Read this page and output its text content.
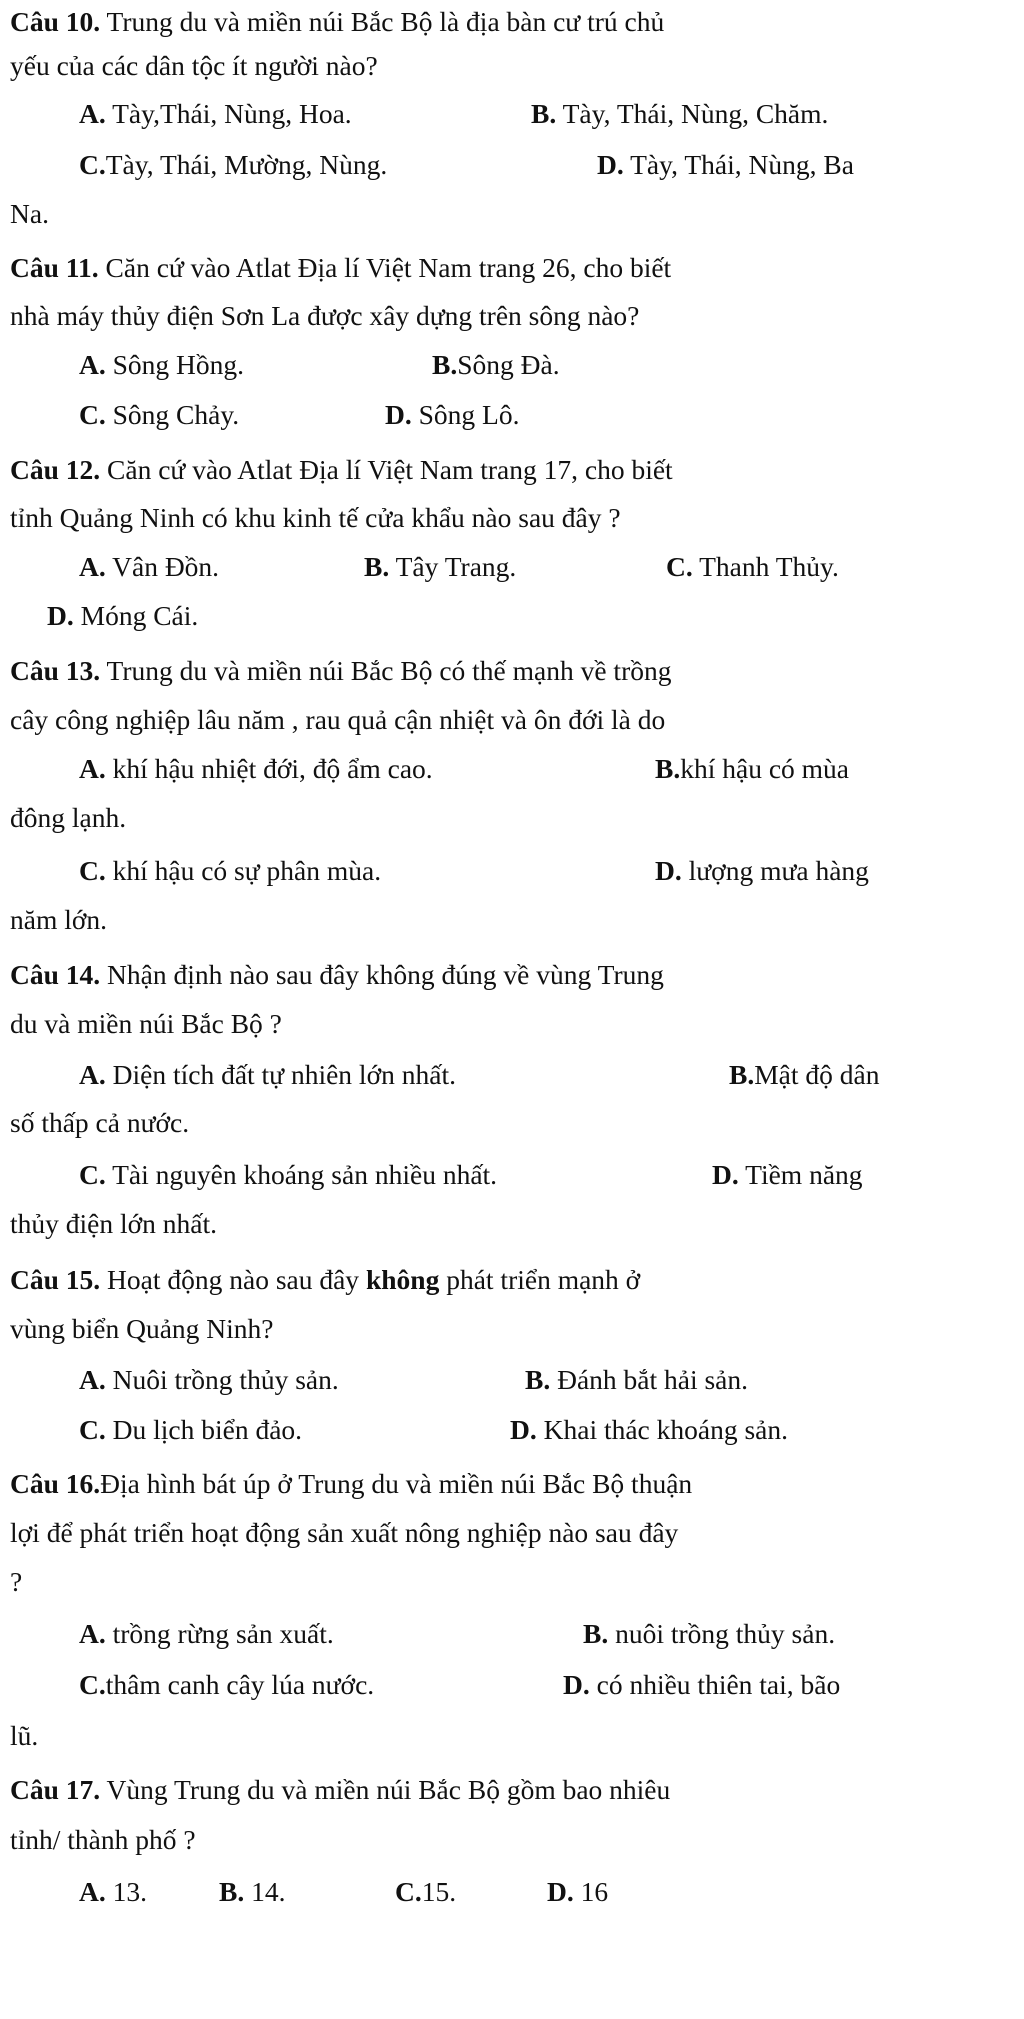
Câu 10. Trung du và miền núi Bắc Bộ là địa bàn cư trú chủ
yếu của các dân tộc ít người nào?
A. Tày,Thái, Nùng, Hoa.	B. Tày, Thái, Nùng, Chăm.
C.Tày, Thái, Mường, Nùng.	D. Tày, Thái, Nùng, Ba
Na.
Câu 11. Căn cứ vào Atlat Địa lí Việt Nam trang 26, cho biết
nhà máy thủy điện Sơn La được xây dựng trên sông nào?
A. Sông Hồng.	B.Sông Đà.
C. Sông Chảy.	D. Sông Lô.
Câu 12. Căn cứ vào Atlat Địa lí Việt Nam trang 17, cho biết
tỉnh Quảng Ninh có khu kinh tế cửa khẩu nào sau đây ?
A. Vân Đồn.	B. Tây Trang.	C. Thanh Thủy.
D. Móng Cái.
Câu 13. Trung du và miền núi Bắc Bộ có thế mạnh về trồng
cây công nghiệp lâu năm , rau quả cận nhiệt và ôn đới là do
A. khí hậu nhiệt đới, độ ẩm cao.	B.khí hậu có mùa
đông lạnh.
C. khí hậu có sự phân mùa.	D. lượng mưa hàng
năm lớn.
Câu 14. Nhận định nào sau đây không đúng về vùng Trung
du và miền núi Bắc Bộ ?
A. Diện tích đất tự nhiên lớn nhất.	B.Mật độ dân
số thấp cả nước.
C. Tài nguyên khoáng sản nhiều nhất.	D. Tiềm năng
thủy điện lớn nhất.
Câu 15. Hoạt động nào sau đây không phát triển mạnh ở
vùng biển Quảng Ninh?
A. Nuôi trồng thủy sản.	B. Đánh bắt hải sản.
C. Du lịch biển đảo.	D. Khai thác khoáng sản.
Câu 16.Địa hình bát úp ở Trung du và miền núi Bắc Bộ thuận
lợi để phát triển hoạt động sản xuất nông nghiệp nào sau đây
?
A. trồng rừng sản xuất.	B. nuôi trồng thủy sản.
C.thâm canh cây lúa nước.	D. có nhiều thiên tai, bão
lũ.
Câu 17. Vùng Trung du và miền núi Bắc Bộ gồm bao nhiêu
tỉnh/ thành phố ?
A. 13.	B. 14.	C.15.	D. 16
